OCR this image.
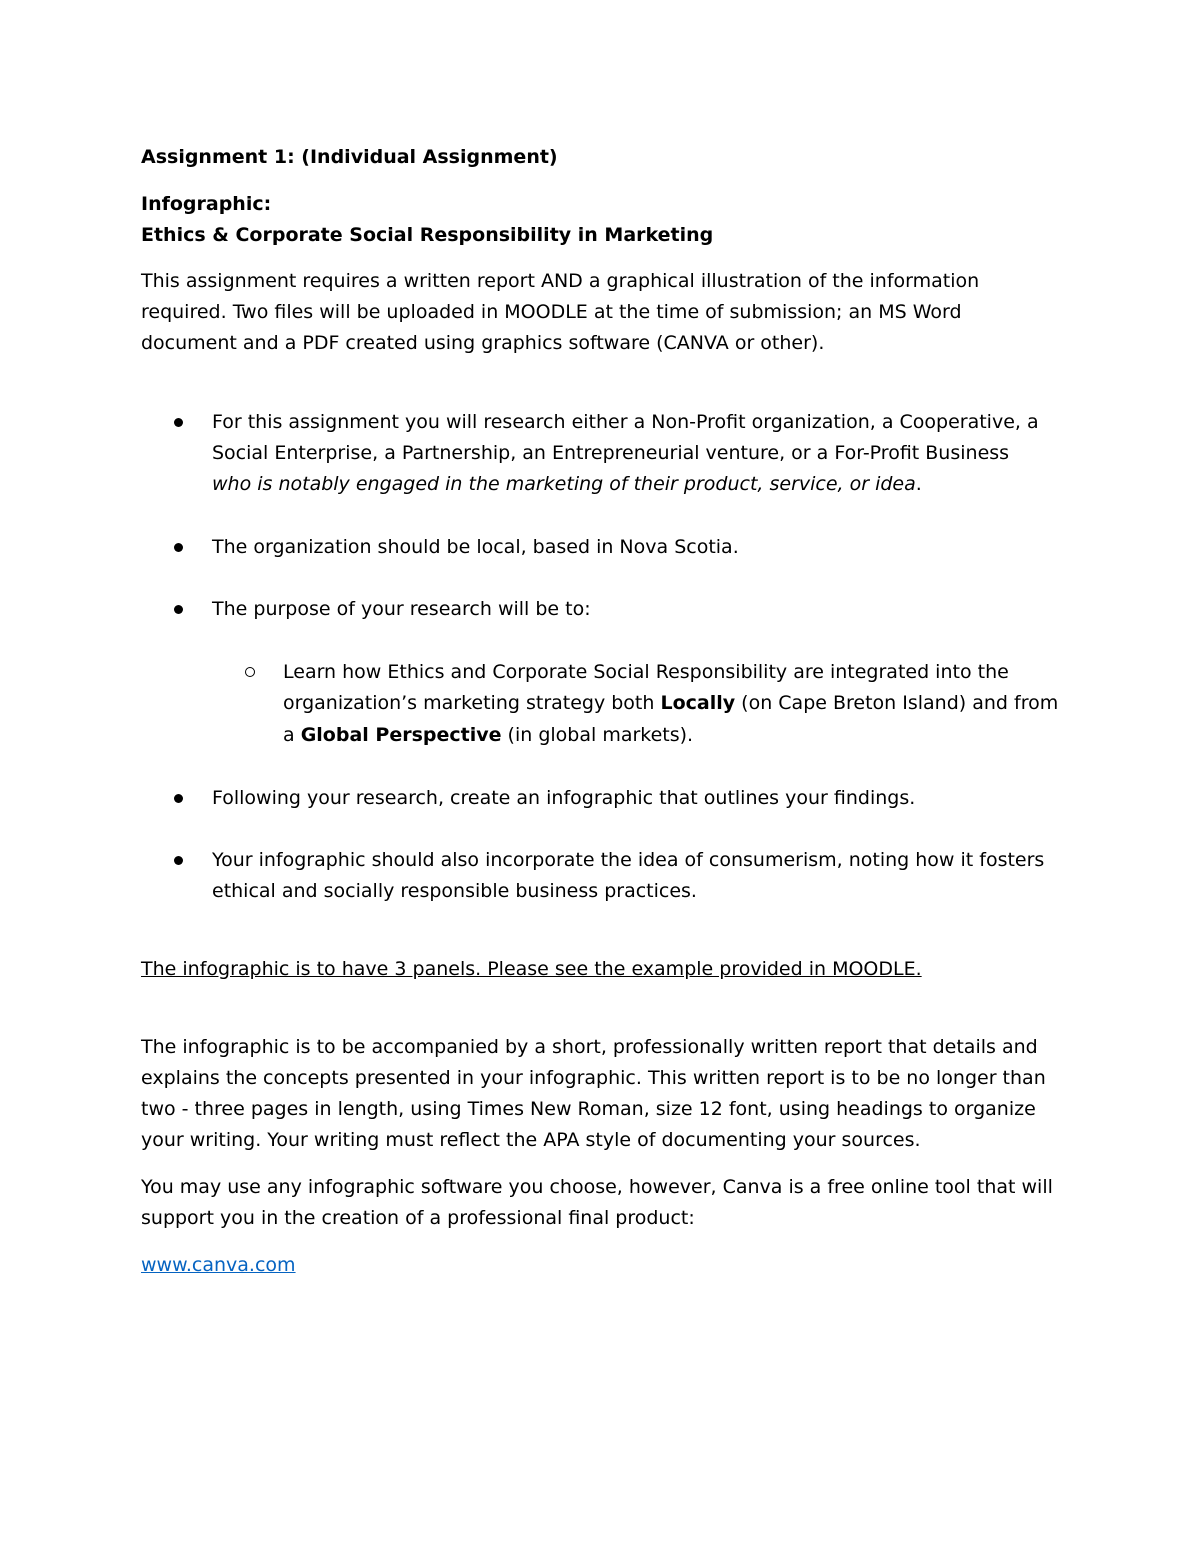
Assignment 1: (Individual Assignment)
Infographic:
Ethics & Corporate Social Responsibility in Marketing
This assignment requires a written report AND a graphical illustration of the information
required. Two files will be uploaded in MOODLE at the time of submission; an MS Word
document and a PDF created using graphics software (CANVA or other).
For this assignment you will research either a Non-Profit organization, a Cooperative, a
Social Enterprise, a Partnership, an Entrepreneurial venture, or a For-Profit Business
who is notably engaged in the marketing of their product, service, or idea.
The organization should be local, based in Nova Scotia.
The purpose of your research will be to:
Learn how Ethics and Corporate Social Responsibility are integrated into the
organization’s marketing strategy both Locally (on Cape Breton Island) and from
a Global Perspective (in global markets).
Following your research, create an infographic that outlines your findings.
Your infographic should also incorporate the idea of consumerism, noting how it fosters
ethical and socially responsible business practices.
The infographic is to have 3 panels. Please see the example provided in MOODLE.
The infographic is to be accompanied by a short, professionally written report that details and
explains the concepts presented in your infographic. This written report is to be no longer than
two - three pages in length, using Times New Roman, size 12 font, using headings to organize
your writing. Your writing must reflect the APA style of documenting your sources.
You may use any infographic software you choose, however, Canva is a free online tool that will
support you in the creation of a professional final product:
www.canva.com
